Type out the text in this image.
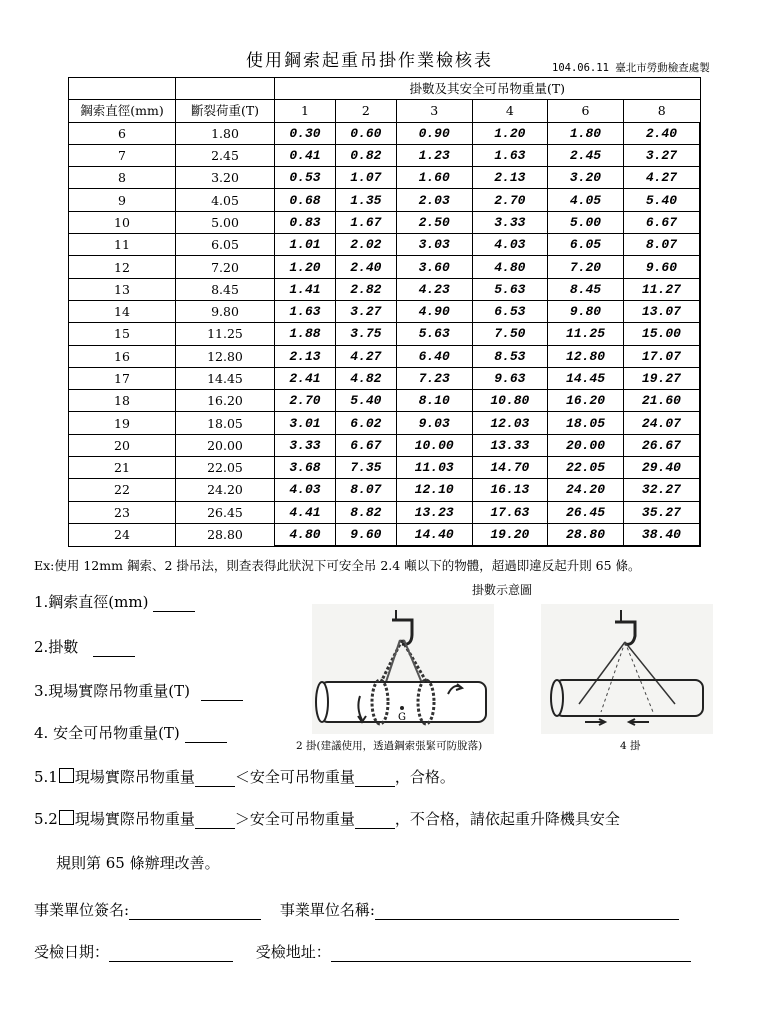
使用鋼索起重吊掛作業檢核表	104.06.11 臺北市勞動檢查處製
		掛數及其安全可吊物重量(T)					
鋼索直徑(mm)	斷裂荷重(T)	1	2	3	4	6	8
6	1.80	0.30	0.60	0.90	1.20	1.80	2.40
7	2.45	0.41	0.82	1.23	1.63	2.45	3.27
8	3.20	0.53	1.07	1.60	2.13	3.20	4.27
9	4.05	0.68	1.35	2.03	2.70	4.05	5.40
10	5.00	0.83	1.67	2.50	3.33	5.00	6.67
11	6.05	1.01	2.02	3.03	4.03	6.05	8.07
12	7.20	1.20	2.40	3.60	4.80	7.20	9.60
13	8.45	1.41	2.82	4.23	5.63	8.45	11.27
14	9.80	1.63	3.27	4.90	6.53	9.80	13.07
15	11.25	1.88	3.75	5.63	7.50	11.25	15.00
16	12.80	2.13	4.27	6.40	8.53	12.80	17.07
17	14.45	2.41	4.82	7.23	9.63	14.45	19.27
18	16.20	2.70	5.40	8.10	10.80	16.20	21.60
19	18.05	3.01	6.02	9.03	12.03	18.05	24.07
20	20.00	3.33	6.67	10.00	13.33	20.00	26.67
21	22.05	3.68	7.35	11.03	14.70	22.05	29.40
22	24.20	4.03	8.07	12.10	16.13	24.20	32.27
23	26.45	4.41	8.82	13.23	17.63	26.45	35.27
24	28.80	4.80	9.60	14.40	19.20	28.80	38.40
Ex:使用 12mm 鋼索、2 掛吊法，則查表得此狀況下可安全吊 2.4 噸以下的物體，超過即違反起升則 65 條。
掛數示意圖
G
2 掛(建議使用，透過鋼索張緊可防脫落)	4 掛
1.鋼索直徑(mm)
2.掛數
3.現場實際吊物重量(T)
4. 安全可吊物重量(T)
5.1 現場實際吊物重量	＜安全可吊物重量	，合格。
5.2 現場實際吊物重量	＞安全可吊物重量	，不合格，請依起重升降機具安全
規則第 65 條辦理改善。
事業單位簽名:	事業單位名稱:
受檢日期：	受檢地址：
